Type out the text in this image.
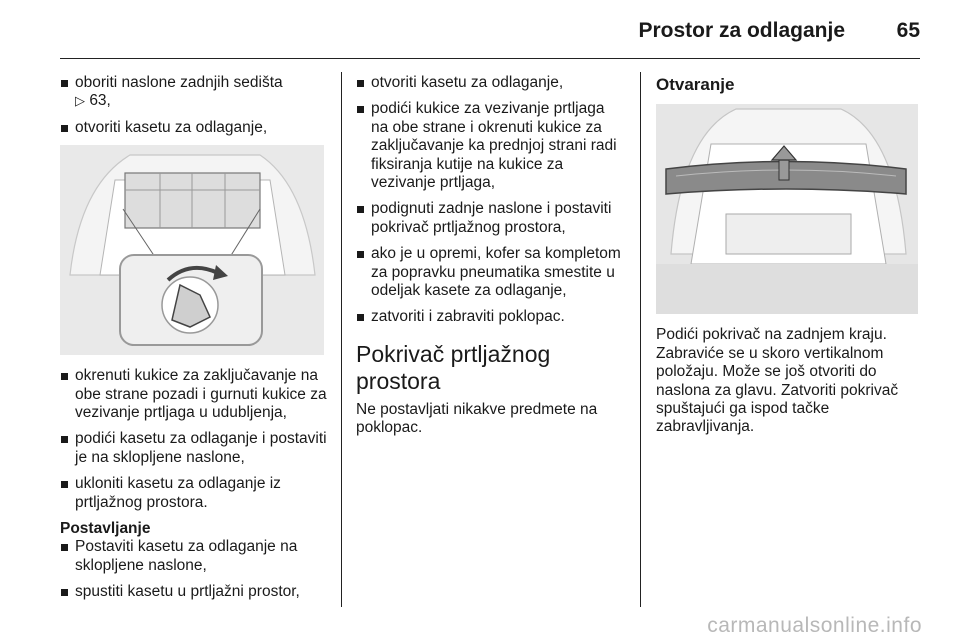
Prostor za odlaganje 65
oboriti naslone zadnjih sedišta
▷ 63,
otvoriti kasetu za odlaganje,
okrenuti kukice za zaključavanje na obe strane pozadi i gurnuti kukice za vezivanje prtljaga u udubljenja,
podići kasetu za odlaganje i postaviti je na sklopljene naslone,
ukloniti kasetu za odlaganje iz prtljažnog prostora.
Postavljanje
Postaviti kasetu za odlaganje na sklopljene naslone,
spustiti kasetu u prtljažni prostor,
otvoriti kasetu za odlaganje,
podići kukice za vezivanje prtljaga na obe strane i okrenuti kukice za zaključavanje ka prednjoj strani radi fiksiranja kutije na kukice za vezivanje prtljaga,
podignuti zadnje naslone i postaviti pokrivač prtljažnog prostora,
ako je u opremi, kofer sa kompletom za popravku pneumatika smestite u odeljak kasete za odlaganje,
zatvoriti i zabraviti poklopac.
Pokrivač prtljažnog prostora

Ne postavljati nikakve predmete na poklopac.

Otvaranje

Podići pokrivač na zadnjem kraju. Zabraviće se u skoro vertikalnom položaju. Može se još otvoriti do naslona za glavu. Zatvoriti pokrivač spuštajući ga ispod tačke zabravljivanja.

carmanualsonline.info
